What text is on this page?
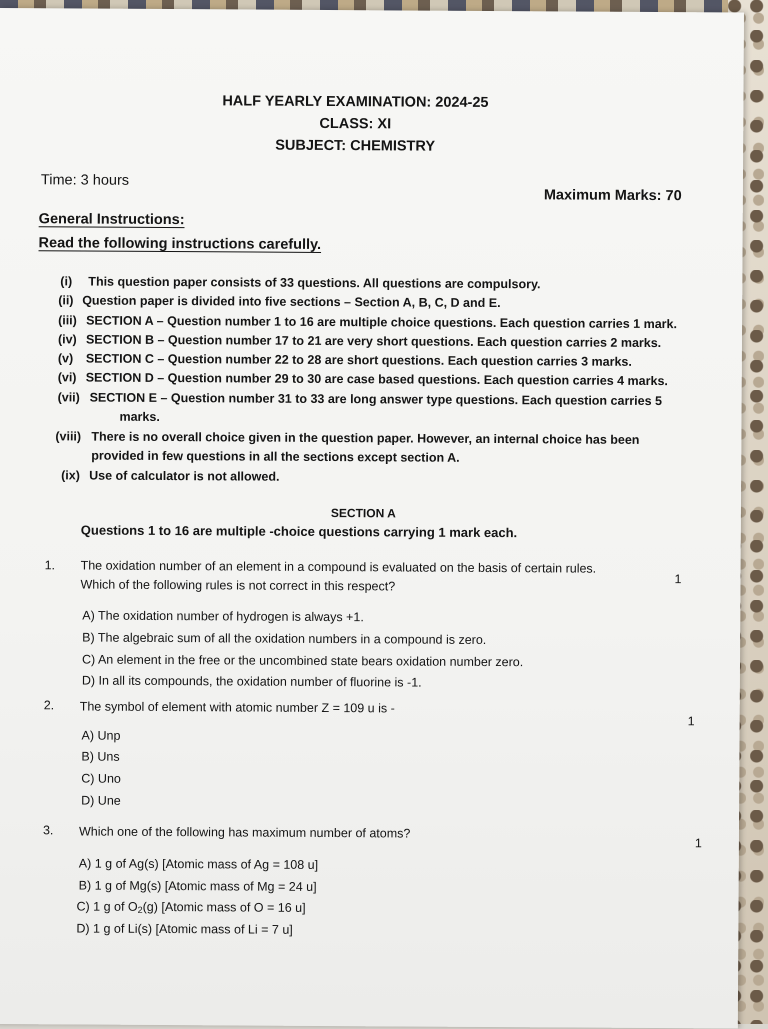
HALF YEARLY EXAMINATION: 2024-25
CLASS: XI
SUBJECT: CHEMISTRY
Time: 3 hours
Maximum Marks: 70
General Instructions:
Read the following instructions carefully.
(i) This question paper consists of 33 questions. All questions are compulsory.
(ii) Question paper is divided into five sections – Section A, B, C, D and E.
(iii) SECTION A – Question number 1 to 16 are multiple choice questions. Each question carries 1 mark.
(iv) SECTION B – Question number 17 to 21 are very short questions. Each question carries 2 marks.
(v) SECTION C – Question number 22 to 28 are short questions. Each question carries 3 marks.
(vi) SECTION D – Question number 29 to 30 are case based questions. Each question carries 4 marks.
(vii) SECTION E – Question number 31 to 33 are long answer type questions. Each question carries 5
marks.
(viii) There is no overall choice given in the question paper. However, an internal choice has been
provided in few questions in all the sections except section A.
(ix) Use of calculator is not allowed.
SECTION A
Questions 1 to 16 are multiple -choice questions carrying 1 mark each.
1. The oxidation number of an element in a compound is evaluated on the basis of certain rules.
Which of the following rules is not correct in this respect?	1
A) The oxidation number of hydrogen is always +1.
B) The algebraic sum of all the oxidation numbers in a compound is zero.
C) An element in the free or the uncombined state bears oxidation number zero.
D) In all its compounds, the oxidation number of fluorine is -1.
2. The symbol of element with atomic number Z = 109 u is -
1
A) Unp
B) Uns
C) Uno
D) Une
3. Which one of the following has maximum number of atoms?
1
A) 1 g of Ag(s) [Atomic mass of Ag = 108 u]
B) 1 g of Mg(s) [Atomic mass of Mg = 24 u]
C) 1 g of $O_2(g)$ [Atomic mass of O = 16 u]
D) 1 g of Li(s) [Atomic mass of Li = 7 u]
